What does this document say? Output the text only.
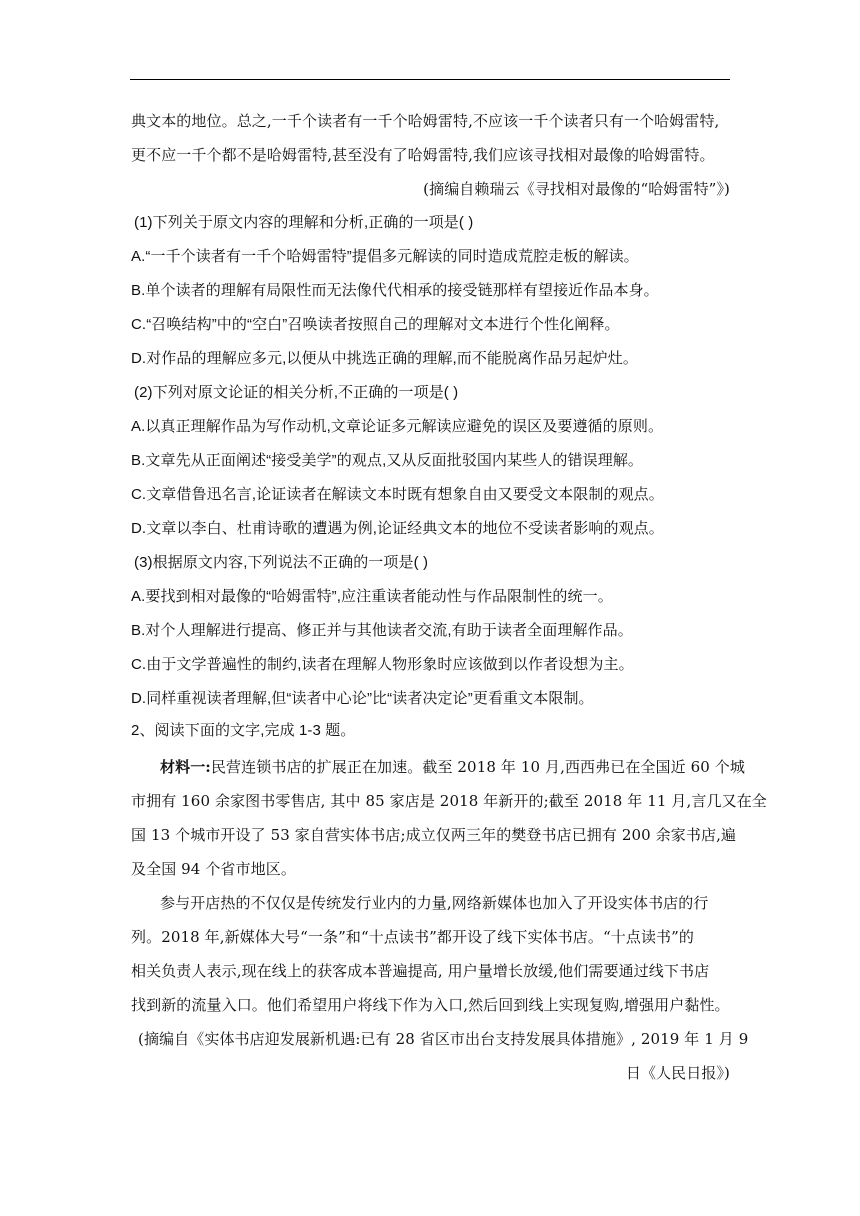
典文本的地位。总之,一千个读者有一千个哈姆雷特,不应该一千个读者只有一个哈姆雷特,
更不应一千个都不是哈姆雷特,甚至没有了哈姆雷特,我们应该寻找相对最像的哈姆雷特。
(摘编自赖瑞云《寻找相对最像的“哈姆雷特”》)
(1)下列关于原文内容的理解和分析,正确的一项是( )
A.“一千个读者有一千个哈姆雷特”提倡多元解读的同时造成荒腔走板的解读。
B.单个读者的理解有局限性而无法像代代相承的接受链那样有望接近作品本身。
C.“召唤结构”中的“空白”召唤读者按照自己的理解对文本进行个性化阐释。
D.对作品的理解应多元,以便从中挑选正确的理解,而不能脱离作品另起炉灶。
(2)下列对原文论证的相关分析,不正确的一项是( )
A.以真正理解作品为写作动机,文章论证多元解读应避免的误区及要遵循的原则。
B.文章先从正面阐述“接受美学”的观点,又从反面批驳国内某些人的错误理解。
C.文章借鲁迅名言,论证读者在解读文本时既有想象自由又要受文本限制的观点。
D.文章以李白、杜甫诗歌的遭遇为例,论证经典文本的地位不受读者影响的观点。
(3)根据原文内容,下列说法不正确的一项是( )
A.要找到相对最像的“哈姆雷特”,应注重读者能动性与作品限制性的统一。
B.对个人理解进行提高、修正并与其他读者交流,有助于读者全面理解作品。
C.由于文学普遍性的制约,读者在理解人物形象时应该做到以作者设想为主。
D.同样重视读者理解,但“读者中心论”比“读者决定论”更看重文本限制。
2、阅读下面的文字,完成 1-3 题。
材料一:民营连锁书店的扩展正在加速。截至 2018 年 10 月,西西弗已在全国近 60 个城
市拥有 160 余家图书零售店, 其中 85 家店是 2018 年新开的;截至 2018 年 11 月,言几又在全
国 13 个城市开设了 53 家自营实体书店;成立仅两三年的樊登书店已拥有 200 余家书店,遍
及全国 94 个省市地区。
参与开店热的不仅仅是传统发行业内的力量,网络新媒体也加入了开设实体书店的行
列。2018 年,新媒体大号“一条”和“十点读书”都开设了线下实体书店。“十点读书”的
相关负责人表示,现在线上的获客成本普遍提高, 用户量增长放缓,他们需要通过线下书店
找到新的流量入口。他们希望用户将线下作为入口,然后回到线上实现复购,增强用户黏性。
(摘编自《实体书店迎发展新机遇:已有 28 省区市出台支持发展具体措施》, 2019 年 1 月 9
日《人民日报》)
